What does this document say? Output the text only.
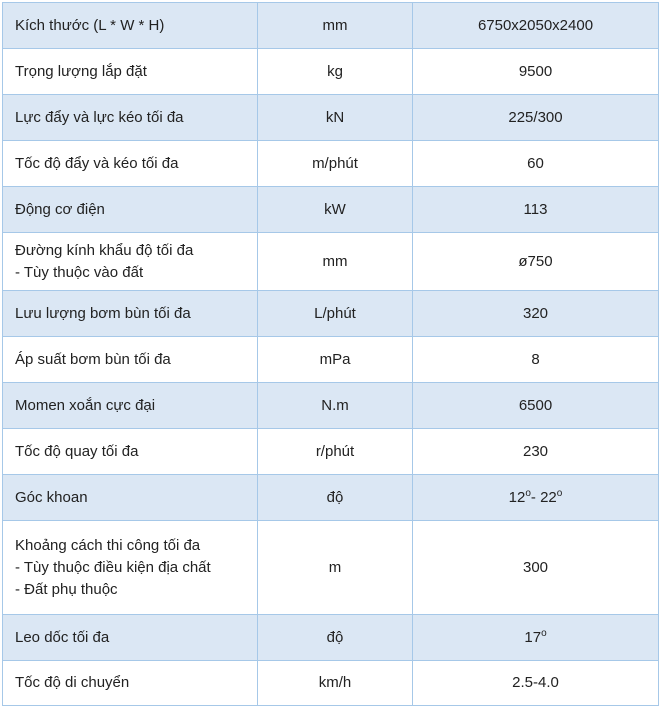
Kích thước (L * W * H)	mm	6750x2050x2400

Trọng lượng lắp đặt	kg	9500

Lực đẩy và lực kéo tối đa	kN	225/300

Tốc độ đẩy và kéo tối đa	m/phút	60

Động cơ điện	kW	113

Đường kính khẩu độ tối đa
- Tùy thuộc vào đất	mm	ø750

Lưu lượng bơm bùn tối đa	L/phút	320

Áp suất bơm bùn tối đa	mPa	8

Momen xoắn cực đại	N.m	6500

Tốc độ quay tối đa	r/phút	230

Góc khoan	độ	12$^o$- 22$^o$

Khoảng cách thi công tối đa
- Tùy thuộc điều kiện địa chất
- Đất phụ thuộc	m	300

Leo dốc tối đa	độ	17$^o$

Tốc độ di chuyển	km/h	2.5-4.0
